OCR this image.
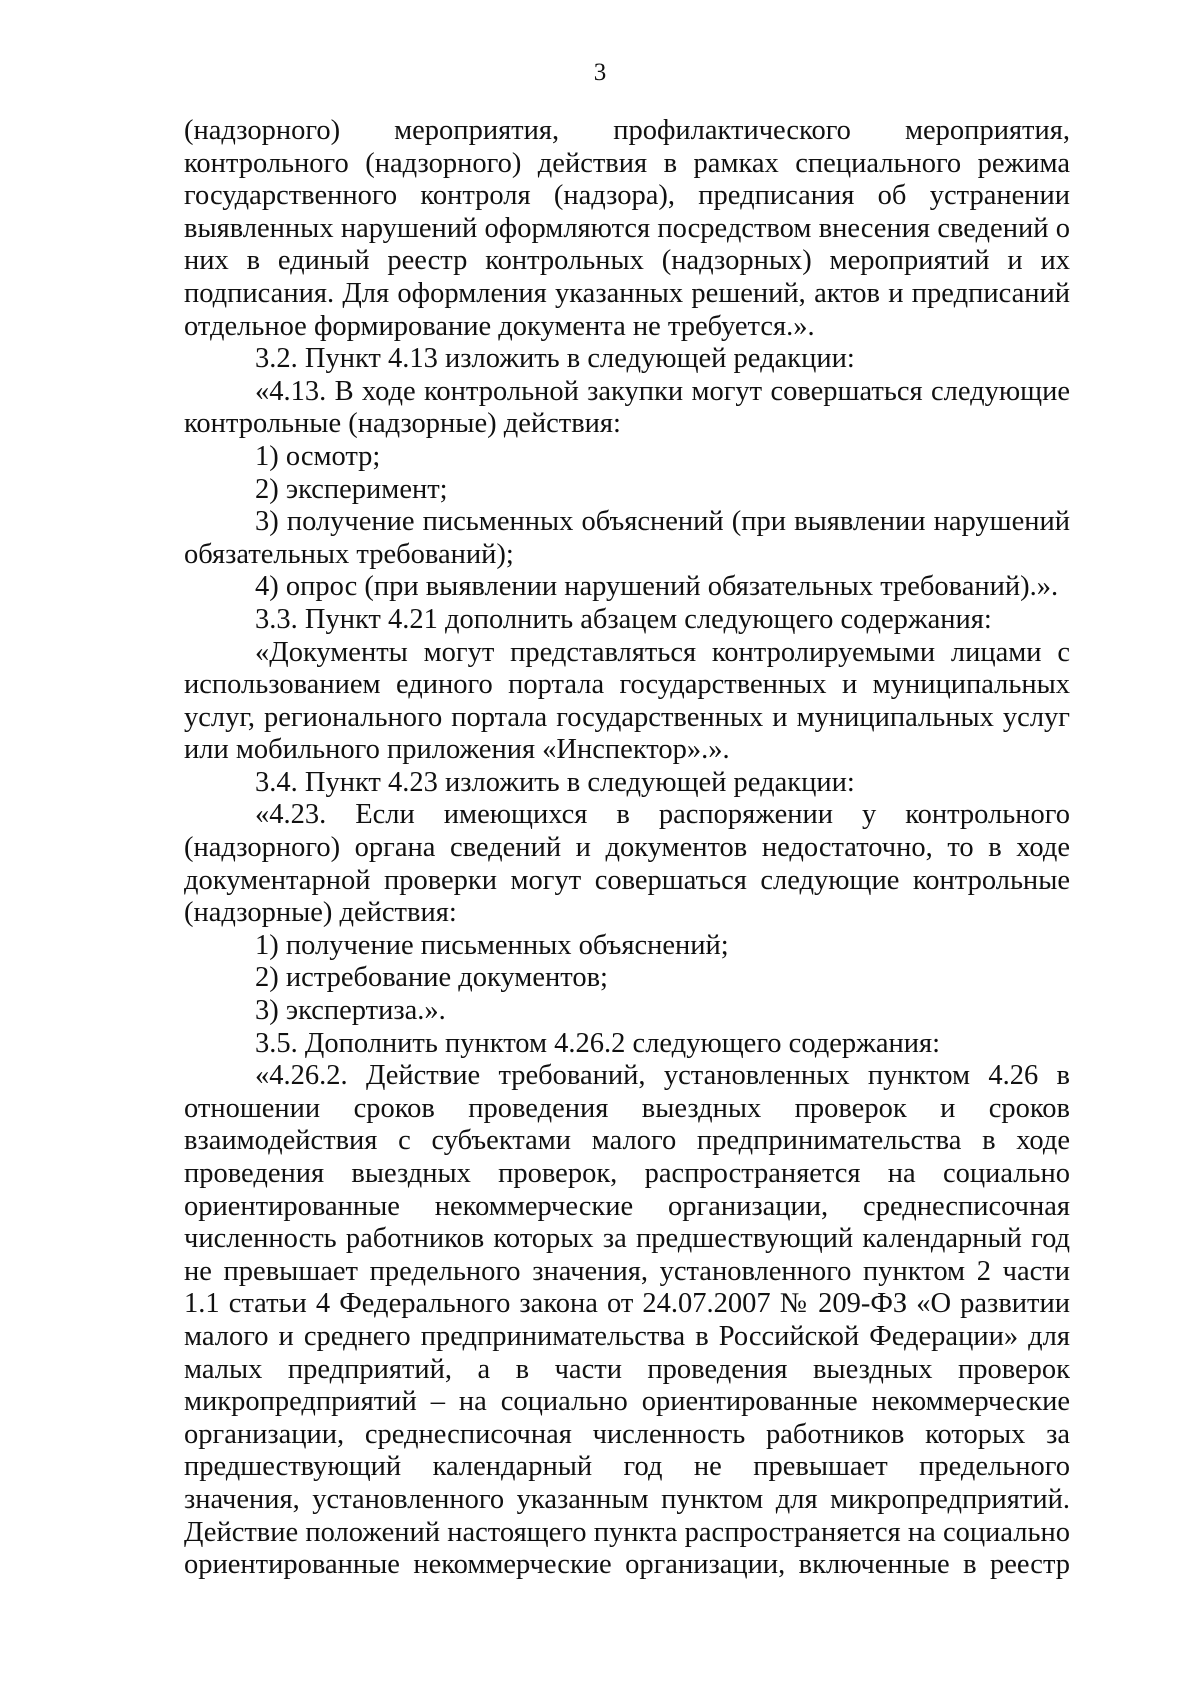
3

(надзорного) мероприятия, профилактического мероприятия, контрольного (надзорного) действия в рамках специального режима государственного контроля (надзора), предписания об устранении выявленных нарушений оформляются посредством внесения сведений о них в единый реестр контрольных (надзорных) мероприятий и их подписания. Для оформления указанных решений, актов и предписаний отдельное формирование документа не требуется.».

3.2. Пункт 4.13 изложить в следующей редакции:

«4.13. В ходе контрольной закупки могут совершаться следующие контрольные (надзорные) действия:

1) осмотр;

2) эксперимент;

3) получение письменных объяснений (при выявлении нарушений обязательных требований);

4) опрос (при выявлении нарушений обязательных требований).».

3.3. Пункт 4.21 дополнить абзацем следующего содержания:

«Документы могут представляться контролируемыми лицами с использованием единого портала государственных и муниципальных услуг, регионального портала государственных и муниципальных услуг или мобильного приложения «Инспектор».».

3.4. Пункт 4.23 изложить в следующей редакции:

«4.23. Если имеющихся в распоряжении у контрольного (надзорного) органа сведений и документов недостаточно, то в ходе документарной проверки могут совершаться следующие контрольные (надзорные) действия:

1) получение письменных объяснений;

2) истребование документов;

3) экспертиза.».

3.5. Дополнить пунктом 4.26.2 следующего содержания:

«4.26.2. Действие требований, установленных пунктом 4.26 в отношении сроков проведения выездных проверок и сроков взаимодействия с субъектами малого предпринимательства в ходе проведения выездных проверок, распространяется на социально ориентированные некоммерческие организации, среднесписочная численность работников которых за предшествующий календарный год не превышает предельного значения, установленного пунктом 2 части 1.1 статьи 4 Федерального закона от 24.07.2007 № 209-ФЗ «О развитии малого и среднего предпринимательства в Российской Федерации» для малых предприятий, а в части проведения выездных проверок микропредприятий – на социально ориентированные некоммерческие организации, среднесписочная численность работников которых за предшествующий календарный год не превышает предельного значения, установленного указанным пунктом для микропредприятий. Действие положений настоящего пункта распространяется на социально ориентированные некоммерческие организации, включенные в реестр
